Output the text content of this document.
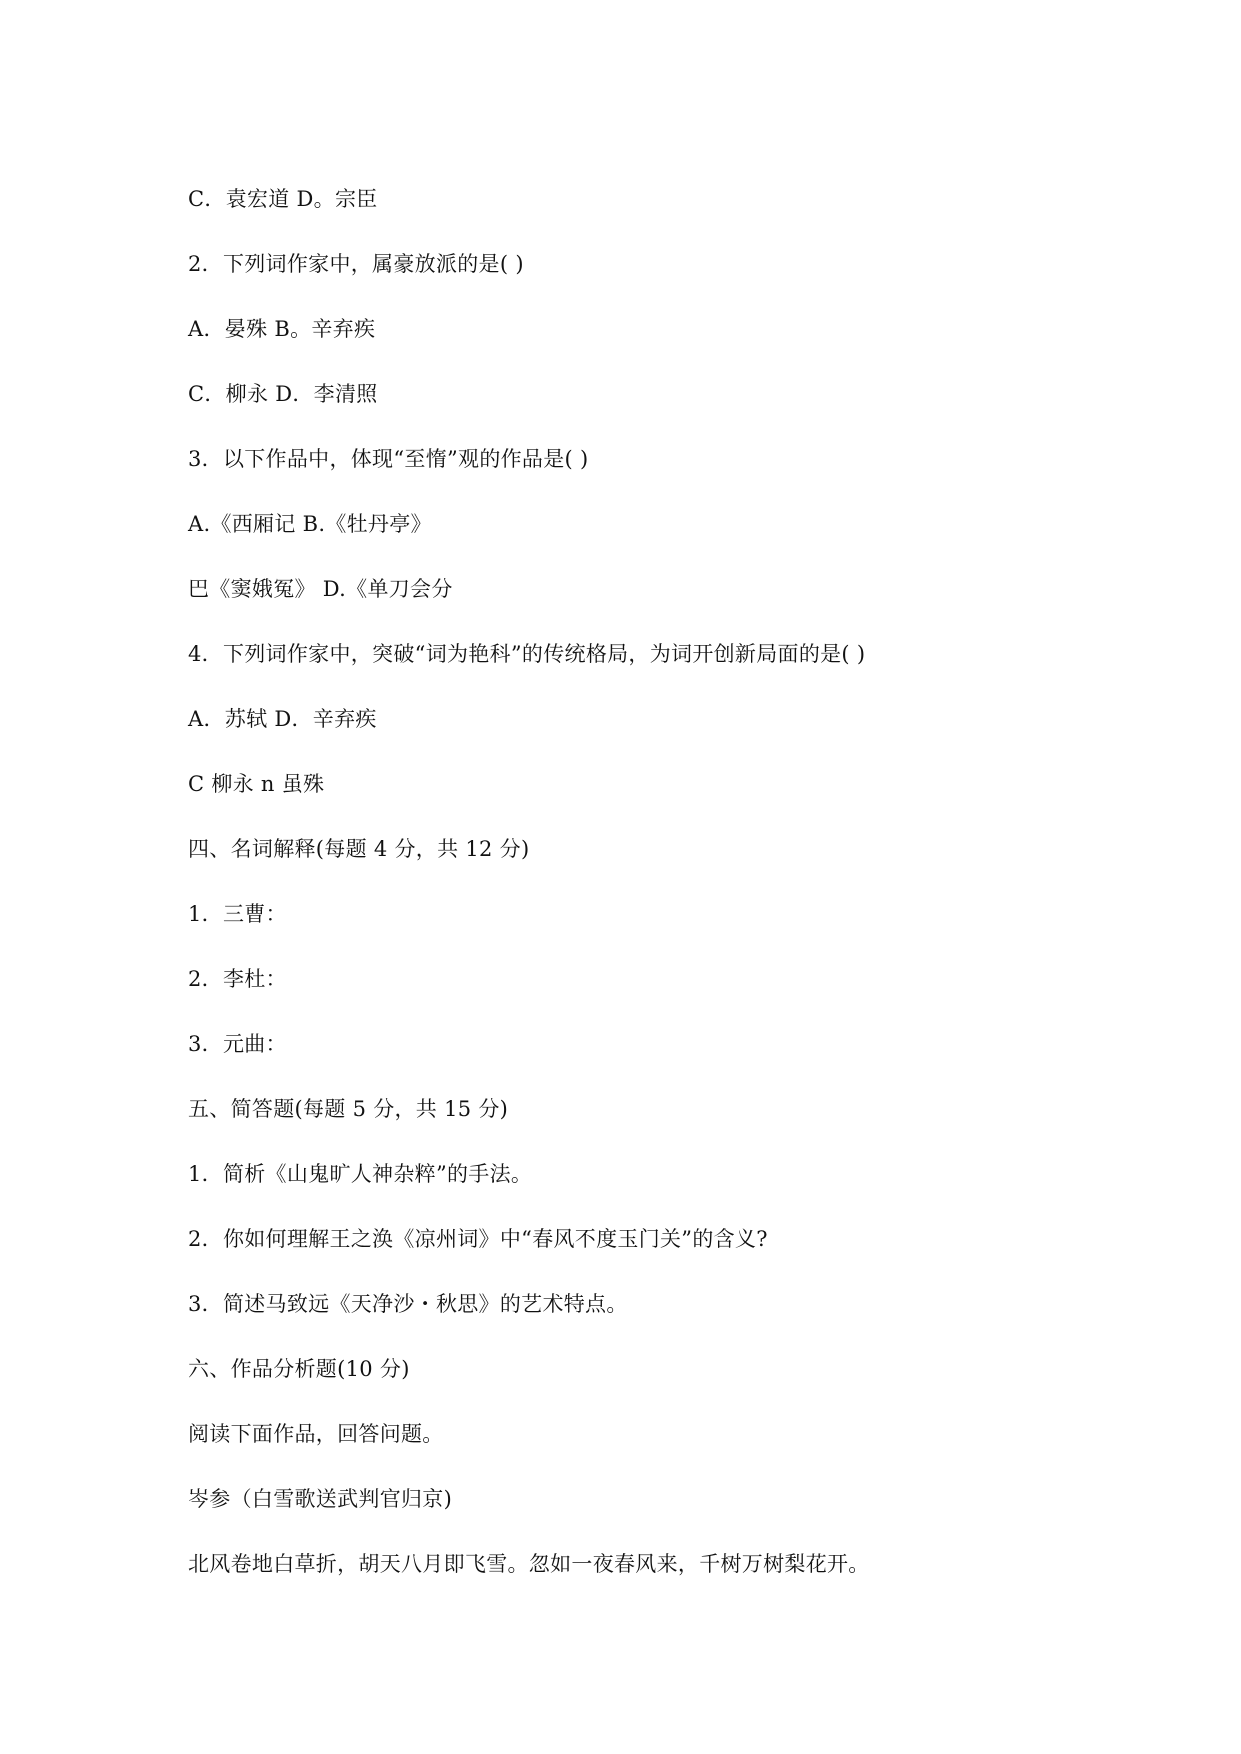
C．袁宏道 D。宗臣
2．下列词作家中，属豪放派的是( )
A．晏殊 B。辛弃疾
C．柳永 D．李清照
3．以下作品中，体现“至惰”观的作品是( )
A.《西厢记 B.《牡丹亭》
巴《窦娥冤》 D.《单刀会分
4．下列词作家中，突破“词为艳科”的传统格局，为词开创新局面的是( )
A．苏轼 D．辛弃疾
C 柳永 n 虽殊
四、名词解释(每题 4 分，共 12 分)
1．三曹：
2．李杜：
3．元曲：
五、简答题(每题 5 分，共 15 分)
1．简析《山鬼旷人神杂粹”的手法。
2．你如何理解王之涣《凉州词》中“春风不度玉门关”的含义?
3．简述马致远《天净沙・秋思》的艺术特点。
六、作品分析题(10 分)
阅读下面作品，回答问题。
岑参（白雪歌送武判官归京)
北风卷地白草折，胡天八月即飞雪。忽如一夜春风来，千树万树梨花开。
